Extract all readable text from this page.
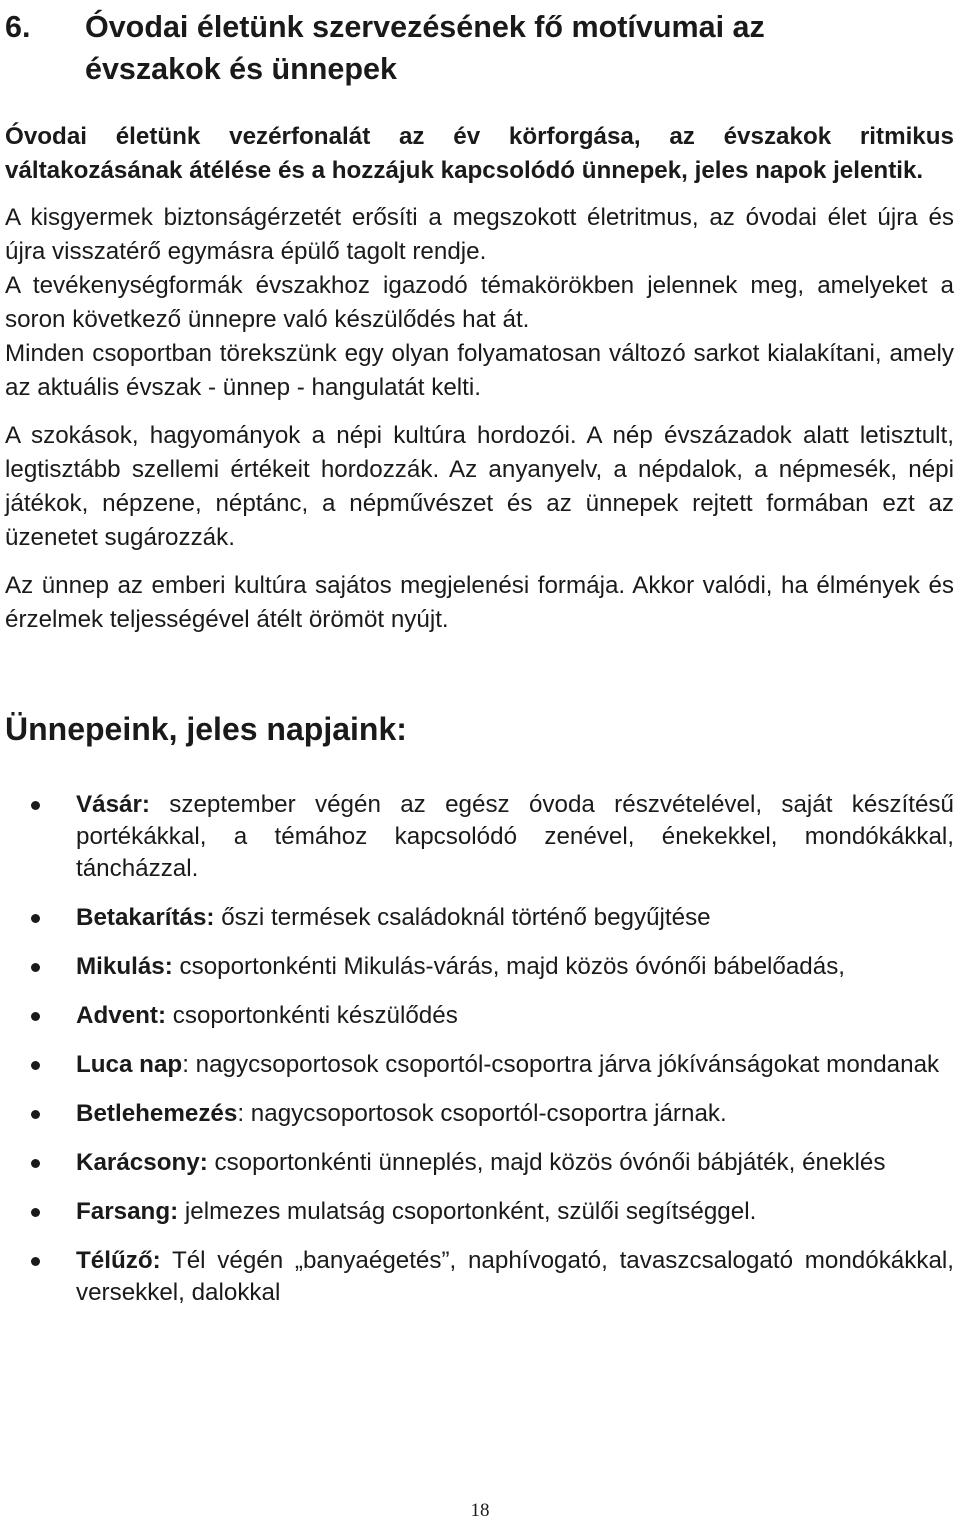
6. Óvodai életünk szervezésének fő motívumai az
évszakok és ünnepek

Óvodai életünk vezérfonalát az év körforgása, az évszakok ritmikus váltakozásának átélése és a hozzájuk kapcsolódó ünnepek, jeles napok jelentik.

A kisgyermek biztonságérzetét erősíti a megszokott életritmus, az óvodai élet újra és újra visszatérő egymásra épülő tagolt rendje.

A tevékenységformák évszakhoz igazodó témakörökben jelennek meg, amelyeket a soron következő ünnepre való készülődés hat át.

Minden csoportban törekszünk egy olyan folyamatosan változó sarkot kialakítani, amely az aktuális évszak - ünnep - hangulatát kelti.

A szokások, hagyományok a népi kultúra hordozói. A nép évszázadok alatt letisztult, legtisztább szellemi értékeit hordozzák. Az anyanyelv, a népdalok, a népmesék, népi játékok, népzene, néptánc, a népművészet és az ünnepek rejtett formában ezt az üzenetet sugározzák.

Az ünnep az emberi kultúra sajátos megjelenési formája. Akkor valódi, ha élmények és érzelmek teljességével átélt örömöt nyújt.

Ünnepeink, jeles napjaink:
Vásár: szeptember végén az egész óvoda részvételével, saját készítésű portékákkal, a témához kapcsolódó zenével, énekekkel, mondókákkal, táncházzal.
Betakarítás: őszi termések családoknál történő begyűjtése
Mikulás: csoportonkénti Mikulás-várás, majd közös óvónői bábelőadás,
Advent: csoportonkénti készülődés
Luca nap: nagycsoportosok csoportól-csoportra járva jókívánságokat mondanak
Betlehemezés: nagycsoportosok csoportól-csoportra járnak.
Karácsony: csoportonkénti ünneplés, majd közös óvónői bábjáték, éneklés
Farsang: jelmezes mulatság csoportonként, szülői segítséggel.
Télűző: Tél végén „banyaégetés”, naphívogató, tavaszcsalogató mondókákkal, versekkel, dalokkal
18
